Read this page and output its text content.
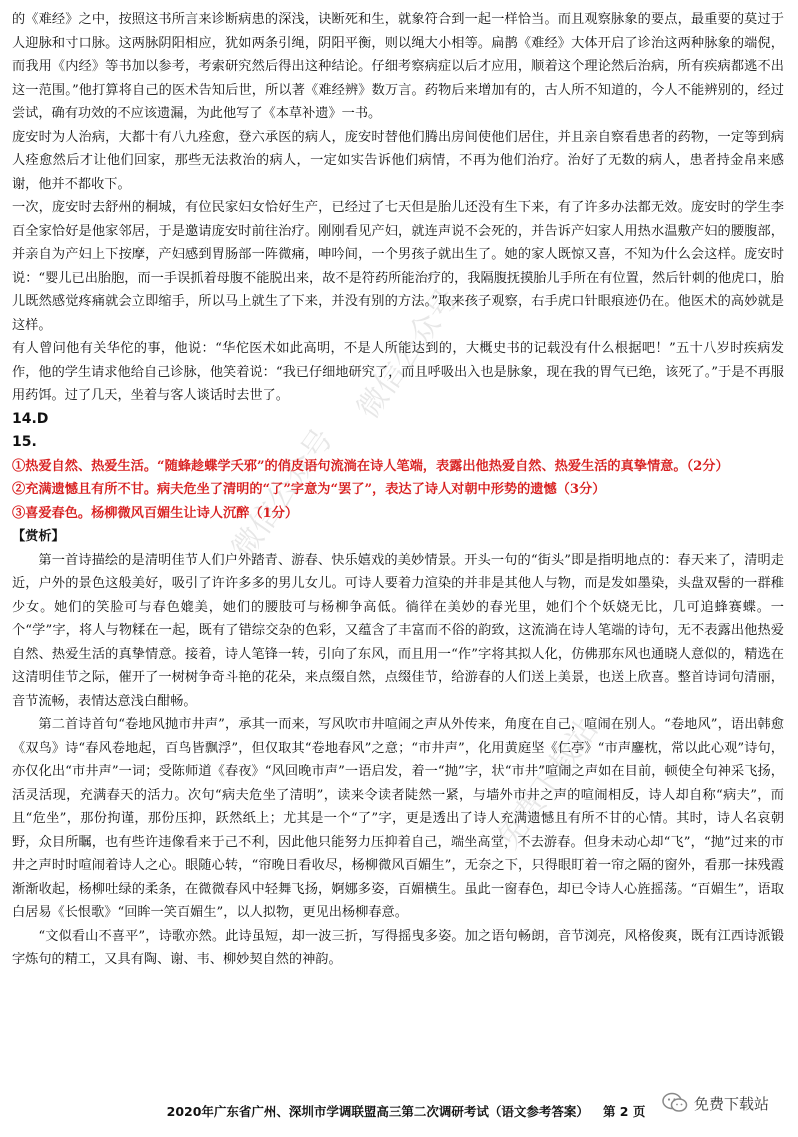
微信公众号
微信公众号
免费下载站

的《难经》之中，按照这书所言来诊断病患的深浅，诀断死和生，就象符合到一起一样恰当。而且观察脉象的要点，最重要的莫过于人迎脉和寸口脉。这两脉阴阳相应，犹如两条引绳，阴阳平衡，则以绳大小相等。扁鹊《难经》大体开启了诊治这两种脉象的端倪，而我用《内经》等书加以参考，考索研究然后得出这种结论。仔细考察病症以后才应用，顺着这个理论然后治病，所有疾病都逃不出这一范围。”他打算将自己的医术告知后世，所以著《难经辨》数万言。药物后来增加有的，古人所不知道的，今人不能辨别的，经过尝试，确有功效的不应该遗漏，为此他写了《本草补遗》一书。

庞安时为人治病，大都十有八九痊愈，登六承医的病人，庞安时替他们腾出房间使他们居住，并且亲自察看患者的药物，一定等到病人痊愈然后才让他们回家，那些无法救治的病人，一定如实告诉他们病情，不再为他们治疗。治好了无数的病人，患者持金帛来感谢，他并不都收下。

一次，庞安时去舒州的桐城，有位民家妇女恰好生产，已经过了七天但是胎儿还没有生下来，有了许多办法都无效。庞安时的学生李百全家恰好是他家邻居，于是邀请庞安时前往治疗。刚刚看见产妇，就连声说不会死的，并告诉产妇家人用热水温敷产妇的腰腹部，并亲自为产妇上下按摩，产妇感到胃肠部一阵微痛，呻吟间，一个男孩子就出生了。她的家人既惊又喜，不知为什么会这样。庞安时说：“婴儿已出胎胞，而一手误抓着母腹不能脱出来，故不是符药所能治疗的，我隔腹抚摸胎儿手所在有位置，然后针刺的他虎口，胎儿既然感觉疼痛就会立即缩手，所以马上就生了下来，并没有别的方法。”取来孩子观察，右手虎口针眼痕迹仍在。他医术的高妙就是这样。

有人曾问他有关华佗的事，他说：“华佗医术如此高明，不是人所能达到的，大概史书的记载没有什么根据吧！”五十八岁时疾病发作，他的学生请求他给自己诊脉，他笑着说：“我已仔细地研究了，而且呼吸出入也是脉象，现在我的胃气已绝，该死了。”于是不再服用药饵。过了几天，坐着与客人谈话时去世了。

14.D

15.

①热爱自然、热爱生活。“随蜂趁蝶学夭邪”的俏皮语句流淌在诗人笔端，表露出他热爱自然、热爱生活的真挚情意。（2分）

②充满遗憾且有所不甘。病夫危坐了清明的“了”字意为“罢了”，表达了诗人对朝中形势的遗憾（3分）

③喜爱春色。杨柳微风百媚生让诗人沉醉（1分）

【赏析】

第一首诗描绘的是清明佳节人们户外踏青、游春、快乐嬉戏的美妙情景。开头一句的“街头”即是指明地点的：春天来了，清明走近，户外的景色这般美好，吸引了许许多多的男儿女儿。可诗人要着力渲染的并非是其他人与物，而是发如墨染，头盘双髻的一群稚少女。她们的笑脸可与春色媲美，她们的腰肢可与杨柳争高低。徜徉在美妙的春光里，她们个个妖娆无比，几可追蜂赛蝶。一个“学”字，将人与物糅在一起，既有了错综交杂的色彩，又蕴含了丰富而不俗的韵致，这流淌在诗人笔端的诗句，无不表露出他热爱自然、热爱生活的真挚情意。接着，诗人笔锋一转，引向了东风，而且用一“作”字将其拟人化，仿佛那东风也通晓人意似的，精选在这清明佳节之际，催开了一树树争奇斗艳的花朵，来点缀自然，点缀佳节，给游春的人们送上美景，也送上欣喜。整首诗词句清丽，音节流畅，表情达意浅白酣畅。

第二首诗首句“卷地风抛市井声”，承其一而来，写风吹市井喧闹之声从外传来，角度在自己，喧闹在别人。“卷地风”，语出韩愈《双鸟》诗“春风卷地起，百鸟皆飘浮”，但仅取其“卷地春风”之意；“市井声”，化用黄庭坚《仁亭》“市声鏖枕，常以此心观”诗句，亦仅化出“市井声”一词；受陈师道《春夜》“风回晚市声”一语启发，着一“抛”字，状“市井”喧闹之声如在目前，顿使全句神采飞扬，活灵活现，充满春天的活力。次句“病夫危坐了清明”，读来令读者陡然一紧，与墙外市井之声的喧闹相反，诗人却自称“病夫”，而且“危坐”，那份拘谨，那份压抑，跃然纸上；尤其是一个“了”字，更是透出了诗人充满遗憾且有所不甘的心情。其时，诗人名哀朝野，众目所瞩，也有些许违像看来于己不利，因此他只能努力压抑着自己，端坐高堂，不去游春。但身未动心却“飞”，“抛”过来的市井之声时时喧闹着诗人之心。眼随心转，“帘晚日看收尽，杨柳微风百媚生”，无奈之下，只得眼盯着一帘之隔的窗外，看那一抹残霞渐渐收起，杨柳吐绿的柔条，在微微春风中轻舞飞扬，婀娜多姿，百媚横生。虽此一窗春色，却已令诗人心旌摇荡。“百媚生”，语取白居易《长恨歌》“回眸一笑百媚生”，以人拟物，更见出杨柳春意。

“文似看山不喜平”，诗歌亦然。此诗虽短，却一波三折，写得摇曳多姿。加之语句畅朗，音节浏亮，风格俊爽，既有江西诗派锻字炼句的精工，又具有陶、谢、韦、柳妙契自然的神韵。

2020年广东省广州、深圳市学调联盟高三第二次调研考试（语文参考答案） 第 2 页	免费下载站
